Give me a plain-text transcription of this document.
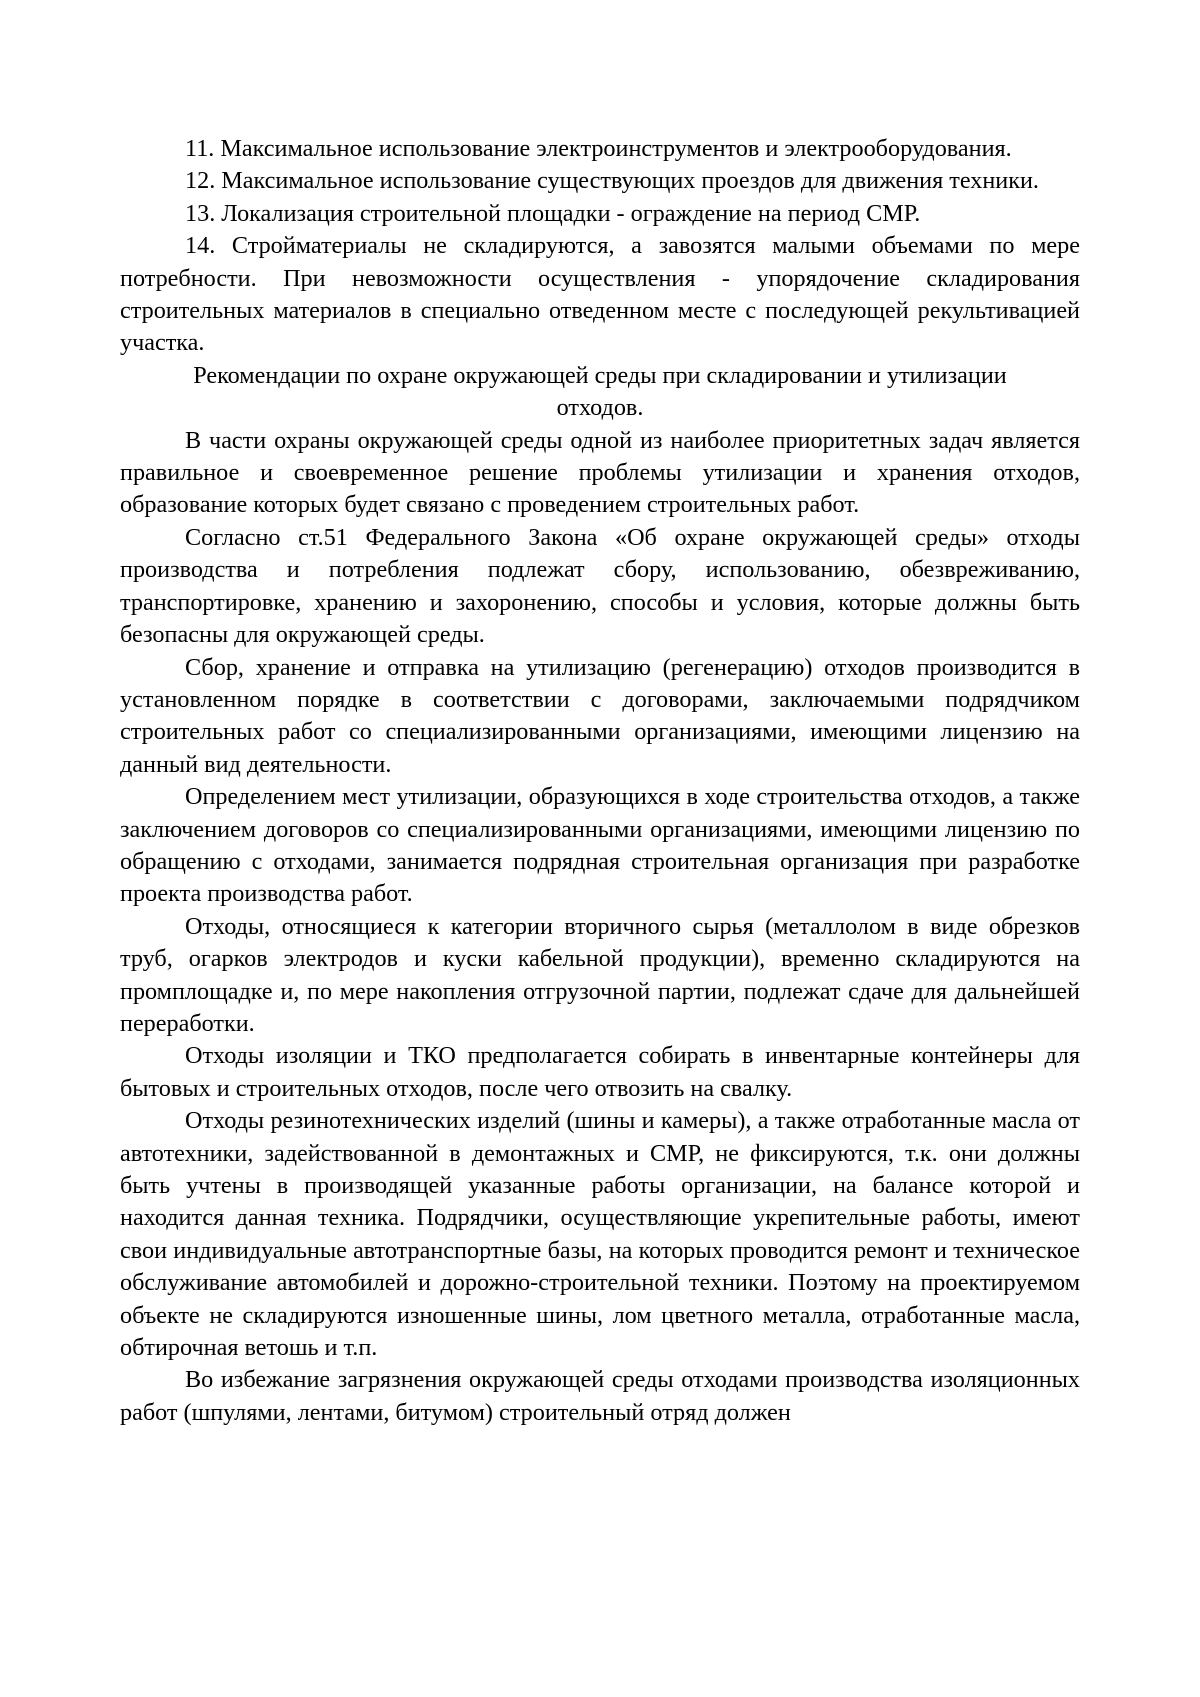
11. Максимальное использование электроинструментов и электрооборудования.

12. Максимальное использование существующих проездов для движения техники.

13. Локализация строительной площадки - ограждение на период СМР.

14. Стройматериалы не складируются, а завозятся малыми объемами по мере потребности. При невозможности осуществления - упорядочение складирования строительных материалов в специально отведенном месте с последующей рекультивацией участка.

Рекомендации по охране окружающей среды при складировании и утилизации отходов.

В части охраны окружающей среды одной из наиболее приоритетных задач является правильное и своевременное решение проблемы утилизации и хранения отходов, образование которых будет связано с проведением строительных работ.

Согласно ст.51 Федерального Закона «Об охране окружающей среды» отходы производства и потребления подлежат сбору, использованию, обезвреживанию, транспортировке, хранению и захоронению, способы и условия, которые должны быть безопасны для окружающей среды.

Сбор, хранение и отправка на утилизацию (регенерацию) отходов производится в установленном порядке в соответствии с договорами, заключаемыми подрядчиком строительных работ со специализированными организациями, имеющими лицензию на данный вид деятельности.

Определением мест утилизации, образующихся в ходе строительства отходов, а также заключением договоров со специализированными организациями, имеющими лицензию по обращению с отходами, занимается подрядная строительная организация при разработке проекта производства работ.

Отходы, относящиеся к категории вторичного сырья (металлолом в виде обрезков труб, огарков электродов и куски кабельной продукции), временно складируются на промплощадке и, по мере накопления отгрузочной партии, подлежат сдаче для дальнейшей переработки.

Отходы изоляции и ТКО предполагается собирать в инвентарные контейнеры для бытовых и строительных отходов, после чего отвозить на свалку.

Отходы резинотехнических изделий (шины и камеры), а также отработанные масла от автотехники, задействованной в демонтажных и СМР, не фиксируются, т.к. они должны быть учтены в производящей указанные работы организации, на балансе которой и находится данная техника. Подрядчики, осуществляющие укрепительные работы, имеют свои индивидуальные автотранспортные базы, на которых проводится ремонт и техническое обслуживание автомобилей и дорожно-строительной техники. Поэтому на проектируемом объекте не складируются изношенные шины, лом цветного металла, отработанные масла, обтирочная ветошь и т.п.

Во избежание загрязнения окружающей среды отходами производства изоляционных работ (шпулями, лентами, битумом) строительный отряд должен
